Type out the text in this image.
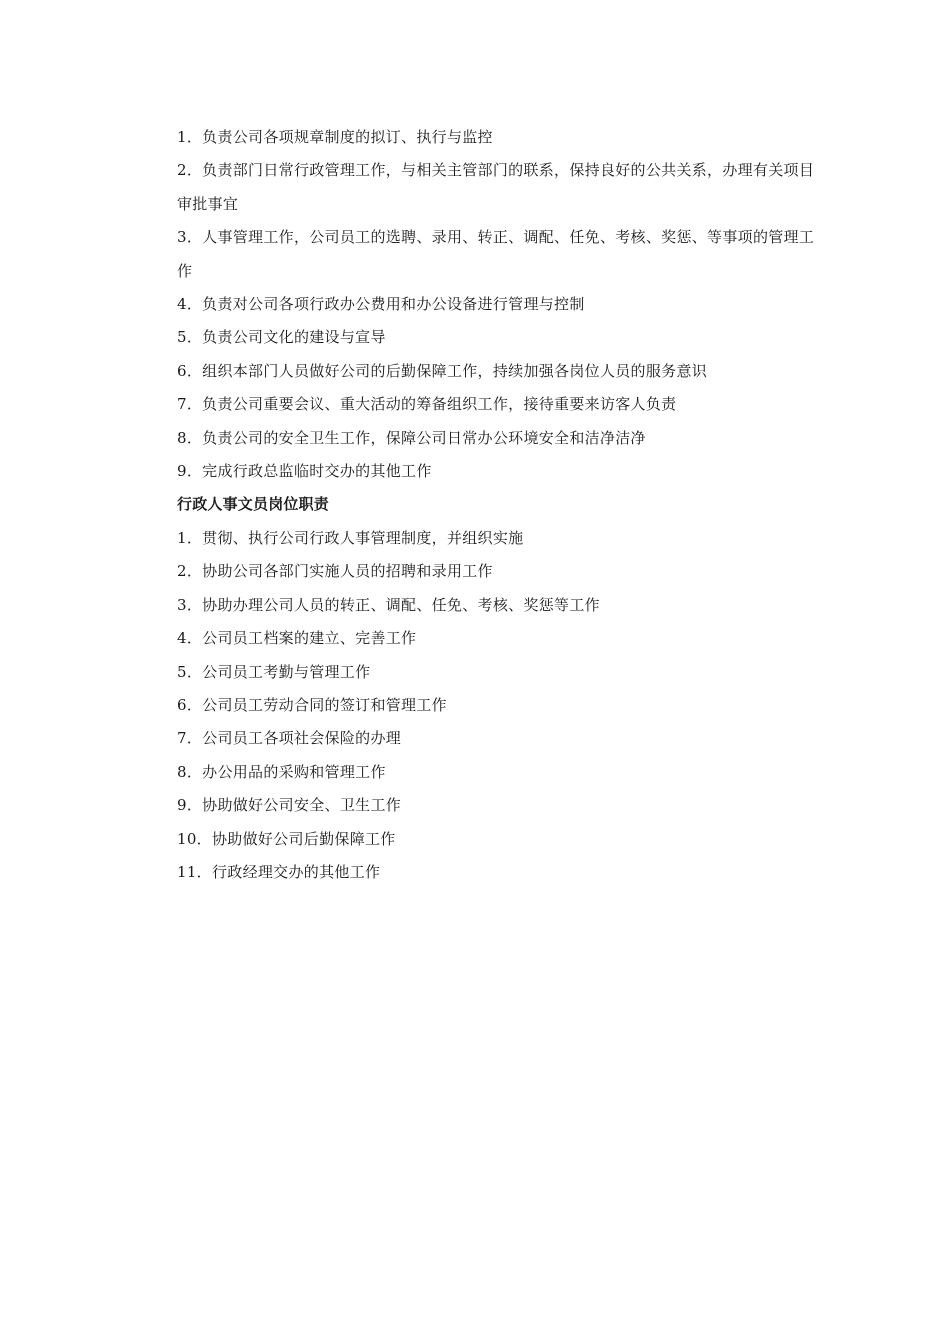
1．负责公司各项规章制度的拟订、执行与监控

2．负责部门日常行政管理工作，与相关主管部门的联系，保持良好的公共关系，办理有关项目审批事宜

3．人事管理工作，公司员工的选聘、录用、转正、调配、任免、考核、奖惩、等事项的管理工作

4．负责对公司各项行政办公费用和办公设备进行管理与控制

5．负责公司文化的建设与宣导

6．组织本部门人员做好公司的后勤保障工作，持续加强各岗位人员的服务意识

7．负责公司重要会议、重大活动的筹备组织工作，接待重要来访客人负责

8．负责公司的安全卫生工作，保障公司日常办公环境安全和洁净洁净

9．完成行政总监临时交办的其他工作

行政人事文员岗位职责

1．贯彻、执行公司行政人事管理制度，并组织实施

2．协助公司各部门实施人员的招聘和录用工作

3．协助办理公司人员的转正、调配、任免、考核、奖惩等工作

4．公司员工档案的建立、完善工作

5．公司员工考勤与管理工作

6．公司员工劳动合同的签订和管理工作

7．公司员工各项社会保险的办理

8．办公用品的采购和管理工作

9．协助做好公司安全、卫生工作

10．协助做好公司后勤保障工作

11．行政经理交办的其他工作
